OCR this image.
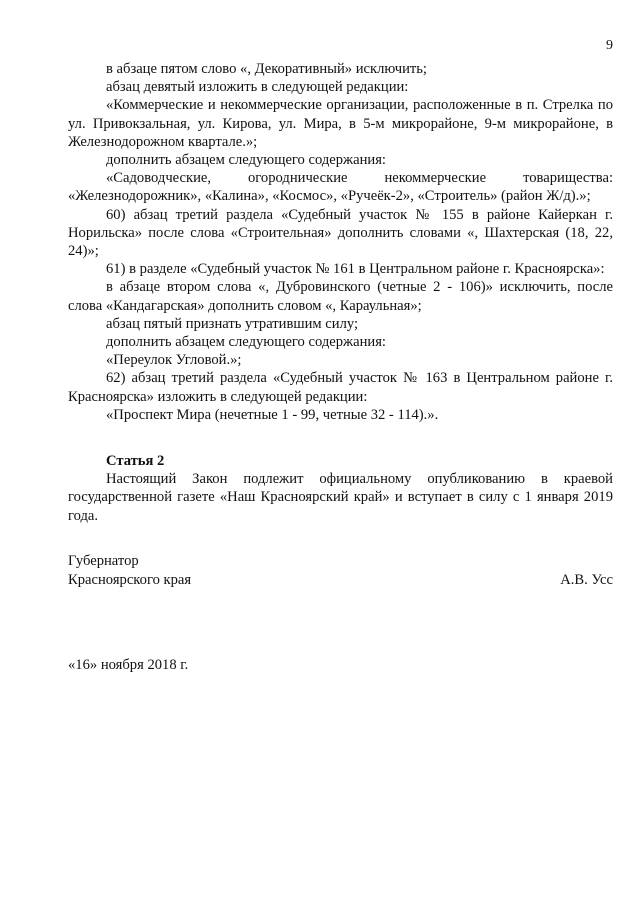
9

в абзаце пятом слово «, Декоративный» исключить;

абзац девятый изложить в следующей редакции:

«Коммерческие и некоммерческие организации, расположенные в п. Стрелка по ул. Привокзальная, ул. Кирова, ул. Мира, в 5-м микрорайоне, 9-м микрорайоне, в Железнодорожном квартале.»;

дополнить абзацем следующего содержания:

«Садоводческие, огороднические некоммерческие товарищества: «Железнодорожник», «Калина», «Космос», «Ручеёк-2», «Строитель» (район Ж/д).»;

60) абзац третий раздела «Судебный участок № 155 в районе Кайеркан г. Норильска» после слова «Строительная» дополнить словами «, Шахтерская (18, 22, 24)»;

61) в разделе «Судебный участок № 161 в Центральном районе г. Красноярска»:

в абзаце втором слова «, Дубровинского (четные 2 - 106)» исключить, после слова «Кандагарская» дополнить словом «, Караульная»;

абзац пятый признать утратившим силу;

дополнить абзацем следующего содержания:

«Переулок Угловой.»;

62) абзац третий раздела «Судебный участок № 163 в Центральном районе г. Красноярска» изложить в следующей редакции:

«Проспект Мира (нечетные 1 - 99, четные 32 - 114).».

Статья 2

Настоящий Закон подлежит официальному опубликованию в краевой государственной газете «Наш Красноярский край» и вступает в силу с 1 января 2019 года.

Губернатор
Красноярского края	А.В. Усс
«16» ноября 2018 г.
